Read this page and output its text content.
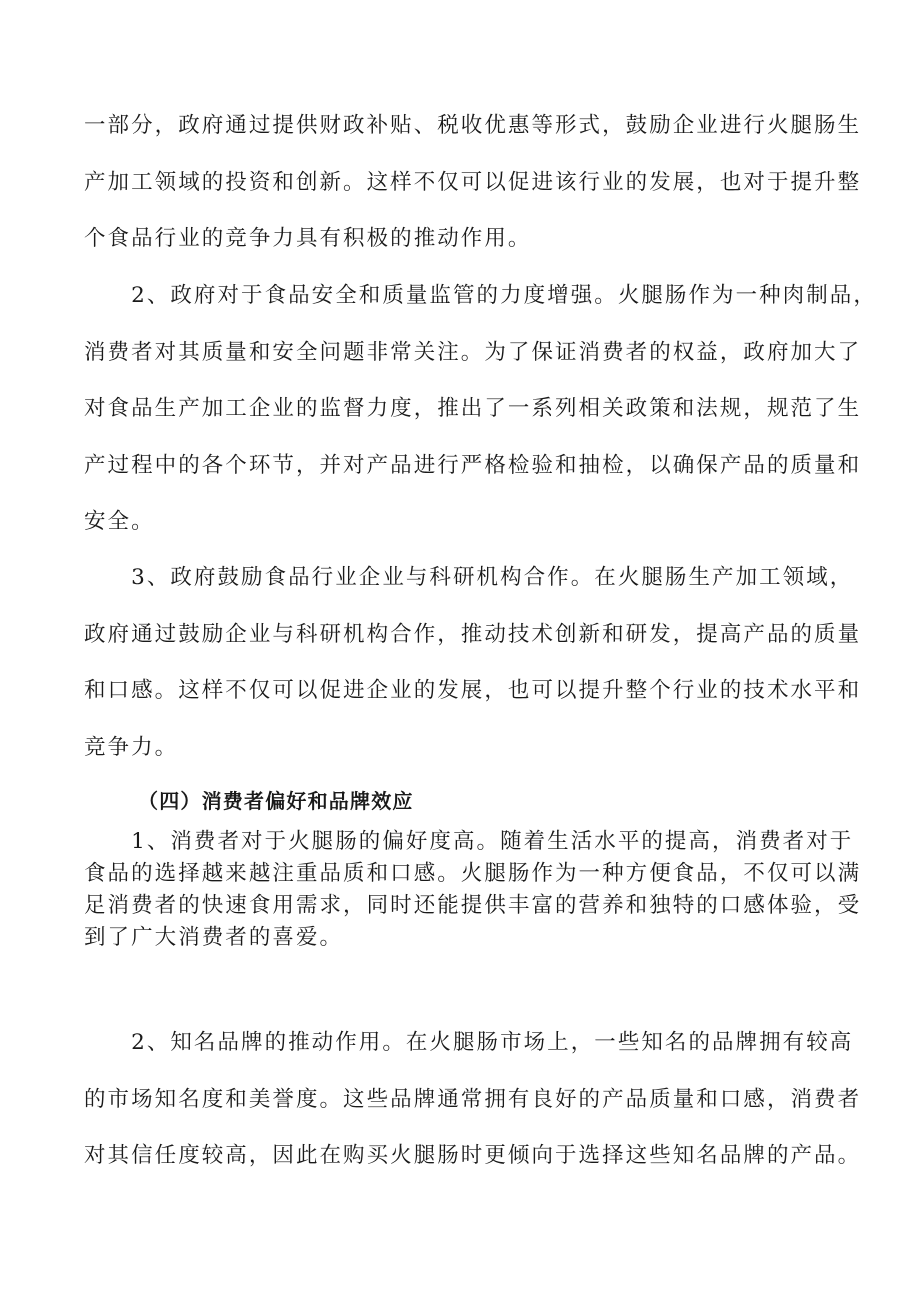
一部分，政府通过提供财政补贴、税收优惠等形式，鼓励企业进行火腿肠生
产加工领域的投资和创新。这样不仅可以促进该行业的发展，也对于提升整
个食品行业的竞争力具有积极的推动作用。

　　2、政府对于食品安全和质量监管的力度增强。火腿肠作为一种肉制品，
消费者对其质量和安全问题非常关注。为了保证消费者的权益，政府加大了
对食品生产加工企业的监督力度，推出了一系列相关政策和法规，规范了生
产过程中的各个环节，并对产品进行严格检验和抽检，以确保产品的质量和
安全。

　　3、政府鼓励食品行业企业与科研机构合作。在火腿肠生产加工领域，
政府通过鼓励企业与科研机构合作，推动技术创新和研发，提高产品的质量
和口感。这样不仅可以促进企业的发展，也可以提升整个行业的技术水平和
竞争力。

（四）消费者偏好和品牌效应

　　1、消费者对于火腿肠的偏好度高。随着生活水平的提高，消费者对于
食品的选择越来越注重品质和口感。火腿肠作为一种方便食品，不仅可以满
足消费者的快速食用需求，同时还能提供丰富的营养和独特的口感体验，受
到了广大消费者的喜爱。

　　2、知名品牌的推动作用。在火腿肠市场上，一些知名的品牌拥有较高
的市场知名度和美誉度。这些品牌通常拥有良好的产品质量和口感，消费者
对其信任度较高，因此在购买火腿肠时更倾向于选择这些知名品牌的产品。
